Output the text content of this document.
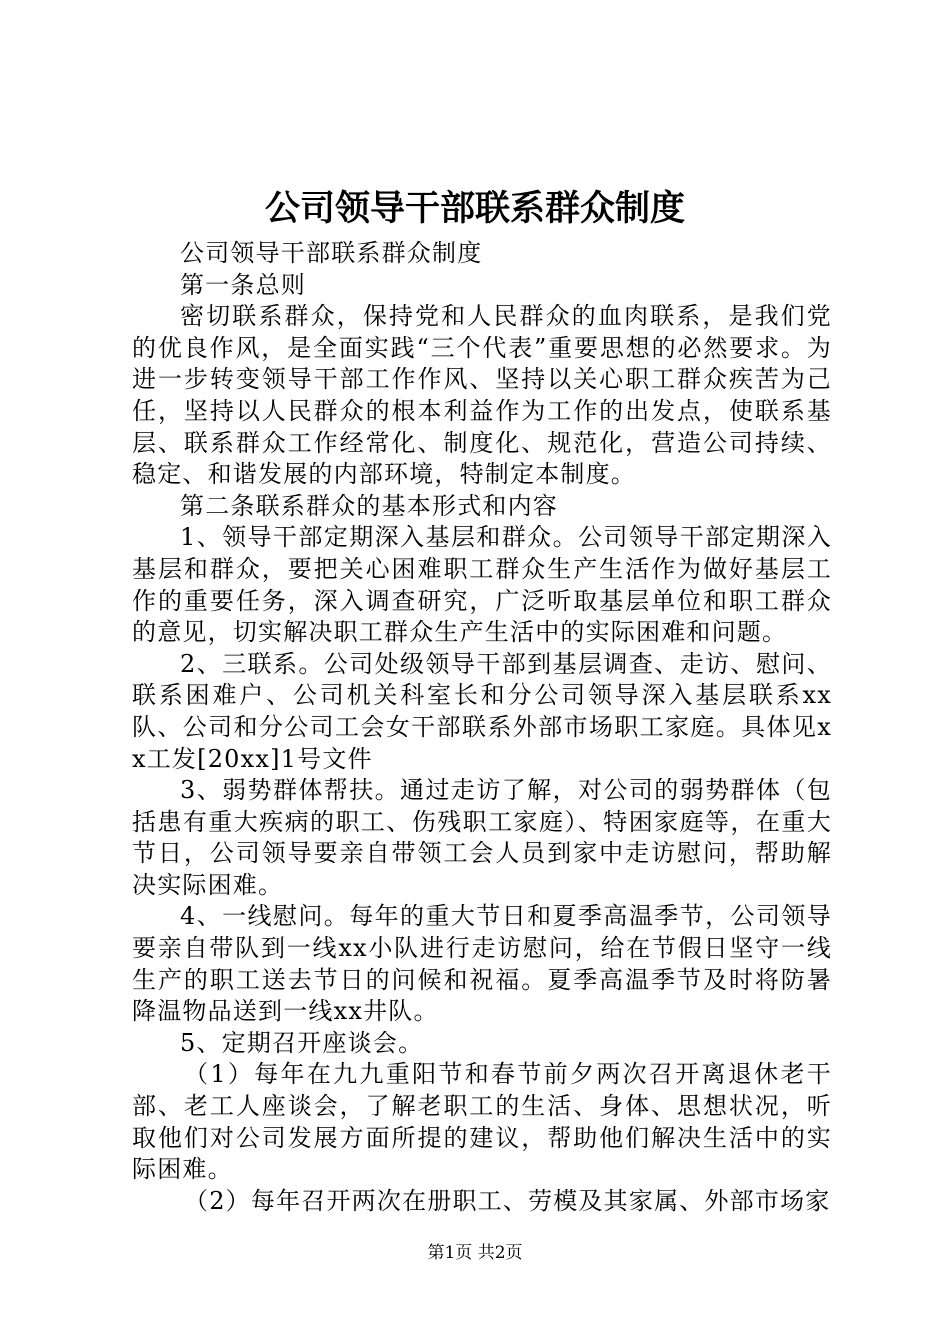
公司领导干部联系群众制度

公司领导干部联系群众制度

第一条总则

密切联系群众，保持党和人民群众的血肉联系，是我们党的优良作风，是全面实践“三个代表”重要思想的必然要求。为进一步转变领导干部工作作风、坚持以关心职工群众疾苦为己任，坚持以人民群众的根本利益作为工作的出发点，使联系基层、联系群众工作经常化、制度化、规范化，营造公司持续、稳定、和谐发展的内部环境，特制定本制度。

第二条联系群众的基本形式和内容

1、领导干部定期深入基层和群众。公司领导干部定期深入基层和群众，要把关心困难职工群众生产生活作为做好基层工作的重要任务，深入调查研究，广泛听取基层单位和职工群众的意见，切实解决职工群众生产生活中的实际困难和问题。

2、三联系。公司处级领导干部到基层调查、走访、慰问、联系困难户、公司机关科室长和分公司领导深入基层联系xx队、公司和分公司工会女干部联系外部市场职工家庭。具体见xx工发[20xx]1号文件

3、弱势群体帮扶。通过走访了解，对公司的弱势群体（包括患有重大疾病的职工、伤残职工家庭）、特困家庭等，在重大节日，公司领导要亲自带领工会人员到家中走访慰问，帮助解决实际困难。

4、一线慰问。每年的重大节日和夏季高温季节，公司领导要亲自带队到一线xx小队进行走访慰问，给在节假日坚守一线生产的职工送去节日的问候和祝福。夏季高温季节及时将防暑降温物品送到一线xx井队。

5、定期召开座谈会。

（1）每年在九九重阳节和春节前夕两次召开离退休老干部、老工人座谈会，了解老职工的生活、身体、思想状况，听取他们对公司发展方面所提的建议，帮助他们解决生活中的实际困难。

（2）每年召开两次在册职工、劳模及其家属、外部市场家

第1页 共2页
